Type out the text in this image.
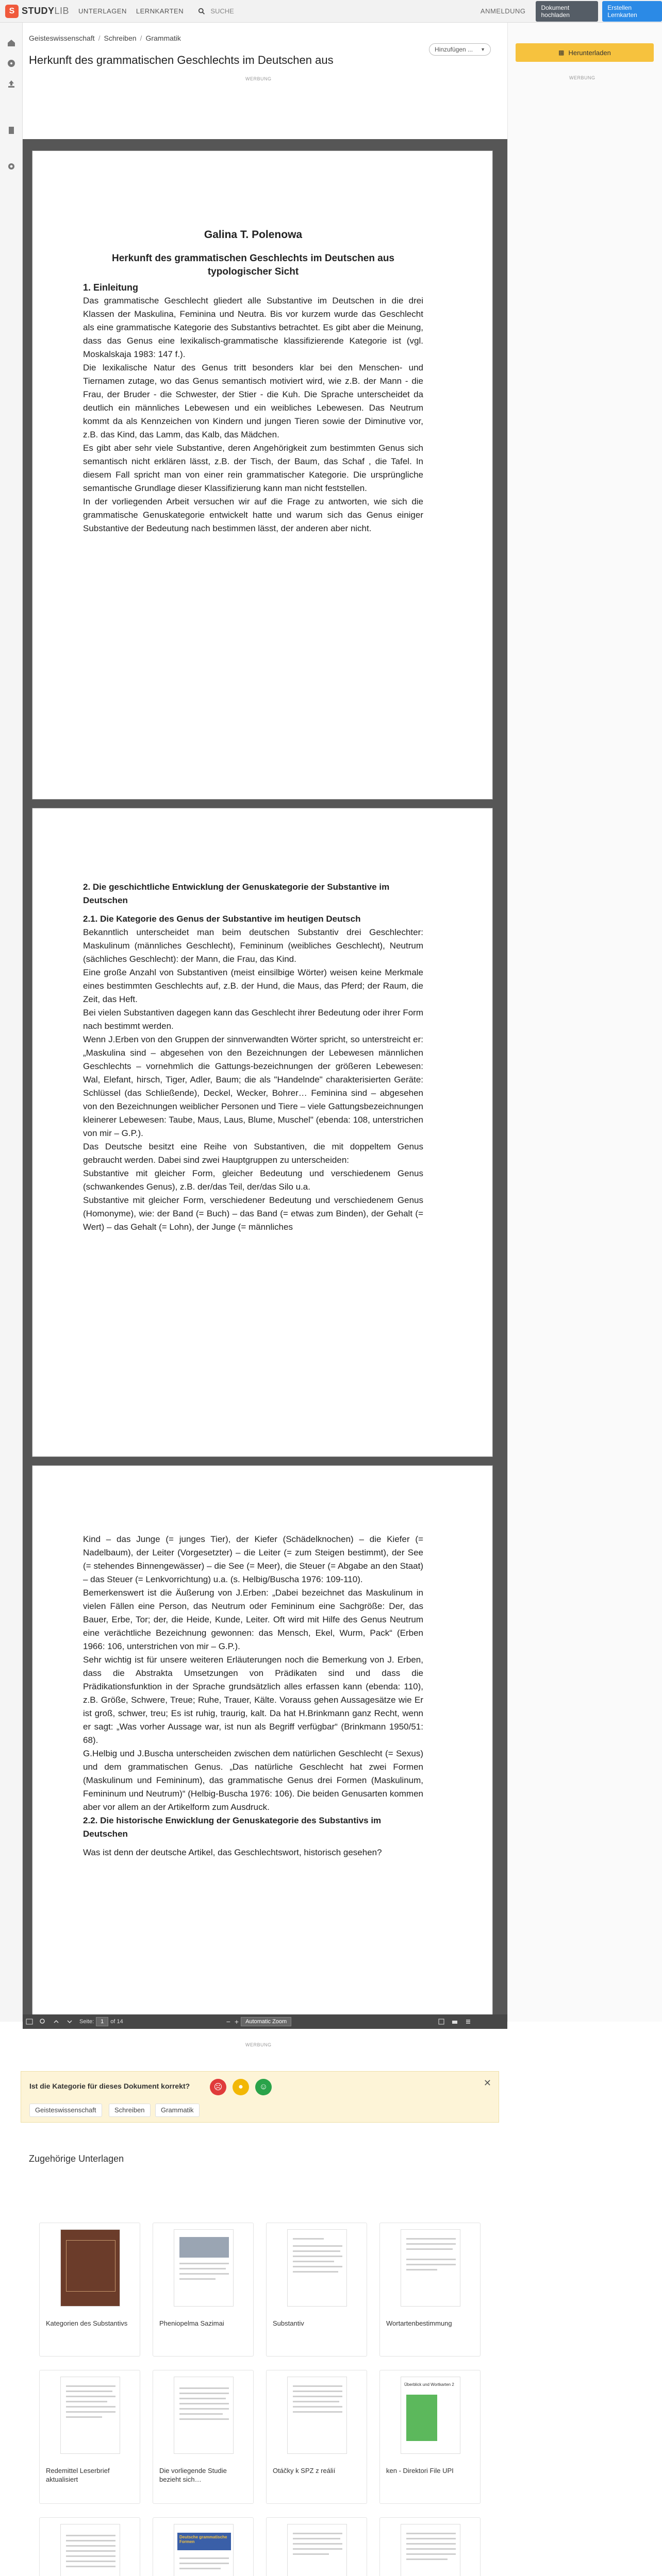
S STUDYLIB UNTERLAGEN LERNKARTEN	SUCHE	ANMELDUNG	Dokument hochladen
Erstellen Lernkarten
▩ Herunterladen
WERBUNG
Geisteswissenschaft / Schreiben / Grammatik
Herkunft des grammatischen Geschlechts im Deutschen aus
Hinzufügen ... ▼
WERBUNG
Galina T. Polenowa
Herkunft des grammatischen Geschlechts im Deutschen aus typologischer Sicht
1. Einleitung

Das grammatische Geschlecht gliedert alle Substantive im Deutschen in die drei Klassen der Maskulina, Feminina und Neutra. Bis vor kurzem wurde das Geschlecht als eine grammatische Kategorie des Substantivs betrachtet. Es gibt aber die Meinung, dass das Genus eine lexikalisch-grammatische klassifizierende Kategorie ist (vgl. Moskalskaja 1983: 147 f.).

Die lexikalische Natur des Genus tritt besonders klar bei den Menschen- und Tiernamen zutage, wo das Genus semantisch motiviert wird, wie z.B. der Mann - die Frau, der Bruder - die Schwester, der Stier - die Kuh. Die Sprache unterscheidet da deutlich ein männliches Lebewesen und ein weibliches Lebewesen. Das Neutrum kommt da als Kennzeichen von Kindern und jungen Tieren sowie der Diminutive vor, z.B. das Kind, das Lamm, das Kalb, das Mädchen.

Es gibt aber sehr viele Substantive, deren Angehörigkeit zum bestimmten Genus sich semantisch nicht erklären lässt, z.B. der Tisch, der Baum, das Schaf , die Tafel. In diesem Fall spricht man von einer rein grammatischer Kategorie. Die ursprüngliche semantische Grundlage dieser Klassifizierung kann man nicht feststellen.

In der vorliegenden Arbeit versuchen wir auf die Frage zu antworten, wie sich die grammatische Genuskategorie entwickelt hatte und warum sich das Genus einiger Substantive der Bedeutung nach bestimmen lässt, der anderen aber nicht.

2. Die geschichtliche Entwicklung der Genuskategorie der Substantive im Deutschen
2.1. Die Kategorie des Genus der Substantive im heutigen Deutsch

Bekanntlich unterscheidet man beim deutschen Substantiv drei Geschlechter: Maskulinum (männliches Geschlecht), Femininum (weibliches Geschlecht), Neutrum (sächliches Geschlecht): der Mann, die Frau, das Kind.

Eine große Anzahl von Substantiven (meist einsilbige Wörter) weisen keine Merkmale eines bestimmten Geschlechts auf, z.B. der Hund, die Maus, das Pferd; der Raum, die Zeit, das Heft.

Bei vielen Substantiven dagegen kann das Geschlecht ihrer Bedeutung oder ihrer Form nach bestimmt werden.

Wenn J.Erben von den Gruppen der sinnverwandten Wörter spricht, so unterstreicht er: „Maskulina sind – abgesehen von den Bezeichnungen der Lebewesen männlichen Geschlechts – vornehmlich die Gattungs-bezeichnungen der größeren Lebewesen: Wal, Elefant, hirsch, Tiger, Adler, Baum; die als "Handelnde" charakterisierten Geräte: Schlüssel (das Schließende), Deckel, Wecker, Bohrer… Feminina sind – abgesehen von den Bezeichnungen weiblicher Personen und Tiere – viele Gattungsbezeichnungen kleinerer Lebewesen: Taube, Maus, Laus, Blume, Muschel" (ebenda: 108, unterstrichen von mir – G.P.).

Das Deutsche besitzt eine Reihe von Substantiven, die mit doppeltem Genus gebraucht werden. Dabei sind zwei Hauptgruppen zu unterscheiden:

Substantive mit gleicher Form, gleicher Bedeutung und verschiedenem Genus (schwankendes Genus), z.B. der/das Teil, der/das Silo u.a.

Substantive mit gleicher Form, verschiedener Bedeutung und verschiedenem Genus (Homonyme), wie: der Band (= Buch) – das Band (= etwas zum Binden), der Gehalt (= Wert) – das Gehalt (= Lohn), der Junge (= männliches

Kind – das Junge (= junges Tier), der Kiefer (Schädelknochen) – die Kiefer (= Nadelbaum), der Leiter (Vorgesetzter) – die Leiter (= zum Steigen bestimmt), der See (= stehendes Binnengewässer) – die See (= Meer), die Steuer (= Abgabe an den Staat) – das Steuer (= Lenkvorrichtung) u.a. (s. Helbig/Buscha 1976: 109-110).

Bemerkenswert ist die Äußerung von J.Erben: „Dabei bezeichnet das Maskulinum in vielen Fällen eine Person, das Neutrum oder Femininum eine Sachgröße: Der, das Bauer, Erbe, Tor; der, die Heide, Kunde, Leiter. Oft wird mit Hilfe des Genus Neutrum eine verächtliche Bezeichnung gewonnen: das Mensch, Ekel, Wurm, Pack“ (Erben 1966: 106, unterstrichen von mir – G.P.).

Sehr wichtig ist für unsere weiteren Erläuterungen noch die Bemerkung von J. Erben, dass die Abstrakta Umsetzungen von Prädikaten sind und dass die Prädikationsfunktion in der Sprache grundsätzlich alles erfassen kann (ebenda: 110), z.B. Größe, Schwere, Treue; Ruhe, Trauer, Kälte. Vorauss gehen Aussagesätze wie Er ist groß, schwer, treu; Es ist ruhig, traurig, kalt. Da hat H.Brinkmann ganz Recht, wenn er sagt: „Was vorher Aussage war, ist nun als Begriff verfügbar“ (Brinkmann 1950/51: 68).

G.Helbig und J.Buscha unterscheiden zwischen dem natürlichen Geschlecht (= Sexus) und dem grammatischen Genus. „Das natürliche Geschlecht hat zwei Formen (Maskulinum und Femininum), das grammatische Genus drei Formen (Maskulinum, Femininum und Neutrum)“ (Helbig-Buscha 1976: 106). Die beiden Genusarten kommen aber vor allem an der Artikelform zum Ausdruck.

2.2. Die historische Enwicklung der Genuskategorie des Substantivs im Deutschen

Was ist denn der deutsche Artikel, das Geschlechtswort, historisch gesehen?

Seite:	1	of 14	− +	Automatic Zoom
WERBUNG
Ist die Kategorie für dieses Dokument korrekt?	☹	●	☺
Geisteswissenschaft	Schreiben	Grammatik
✕
Zugehörige Unterlagen
Kategorien des Substantivs	Pheniopelma Sazimai	Substantiv	Wortartenbestimmung
Redemittel Leserbrief aktualisiert
Die vorliegende Studie bezieht sich…
Otáčky k SPZ z reálií
Überblick und Wortkarten 2
ken - Direktori File UPI
Deutsche grammatische Formen
